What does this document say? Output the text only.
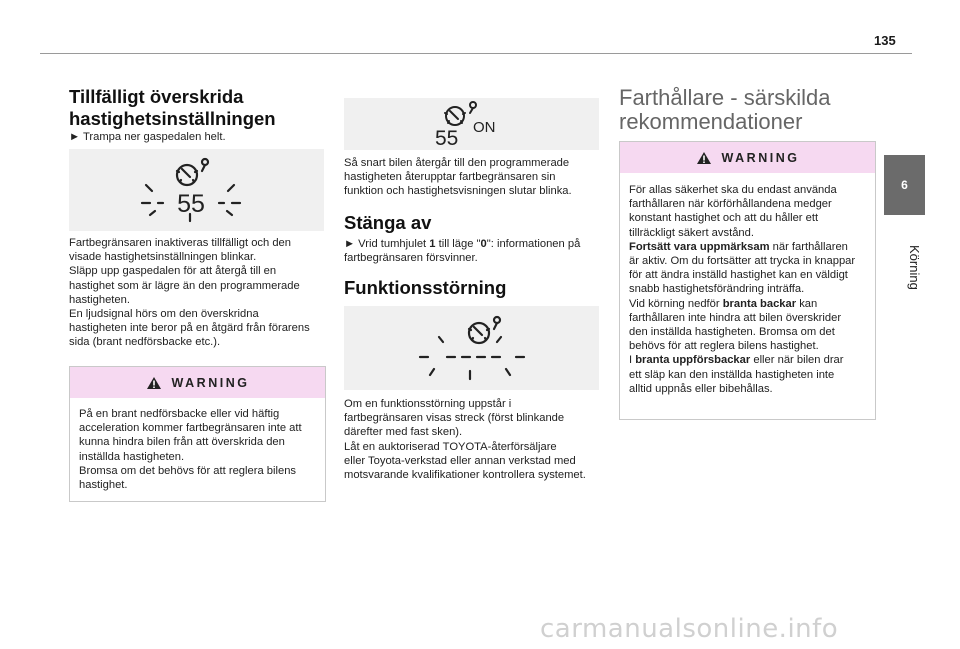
135
6
Körning
Tillfälligt överskrida
hastighetsinställningen

► Trampa ner gaspedalen helt.

55

Fartbegränsaren inaktiveras tillfälligt och den
visade hastighetsinställningen blinkar.
Släpp upp gaspedalen för att återgå till en
hastighet som är lägre än den programmerade
hastigheten.
En ljudsignal hörs om den överskridna
hastigheten inte beror på en åtgärd från förarens
sida (brant nedförsbacke etc.).

WARNING

På en brant nedförsbacke eller vid häftig
acceleration kommer fartbegränsaren inte att
kunna hindra bilen från att överskrida den
inställda hastigheten.
Bromsa om det behövs för att reglera bilens
hastighet.

55 ON

Så snart bilen återgår till den programmerade
hastigheten återupptar fartbegränsaren sin
funktion och hastighetsvisningen slutar blinka.

Stänga av

► Vrid tumhjulet 1 till läge "0": informationen på
fartbegränsaren försvinner.

Funktionsstörning

Om en funktionsstörning uppstår i
fartbegränsaren visas streck (först blinkande
därefter med fast sken).
Låt en auktoriserad TOYOTA-återförsäljare
eller Toyota-verkstad eller annan verkstad med
motsvarande kvalifikationer kontrollera systemet.

Farthållare - särskilda
rekommendationer
WARNING

För allas säkerhet ska du endast använda
farthållaren när körförhållandena medger
konstant hastighet och att du håller ett
tillräckligt säkert avstånd.
Fortsätt vara uppmärksam när farthållaren
är aktiv. Om du fortsätter att trycka in knappar
för att ändra inställd hastighet kan en väldigt
snabb hastighetsförändring inträffa.
Vid körning nedför branta backar kan
farthållaren inte hindra att bilen överskrider
den inställda hastigheten. Bromsa om det
behövs för att reglera bilens hastighet.
I branta uppförsbackar eller när bilen drar
ett släp kan den inställda hastigheten inte
alltid uppnås eller bibehållas.

carmanualsonline.info
